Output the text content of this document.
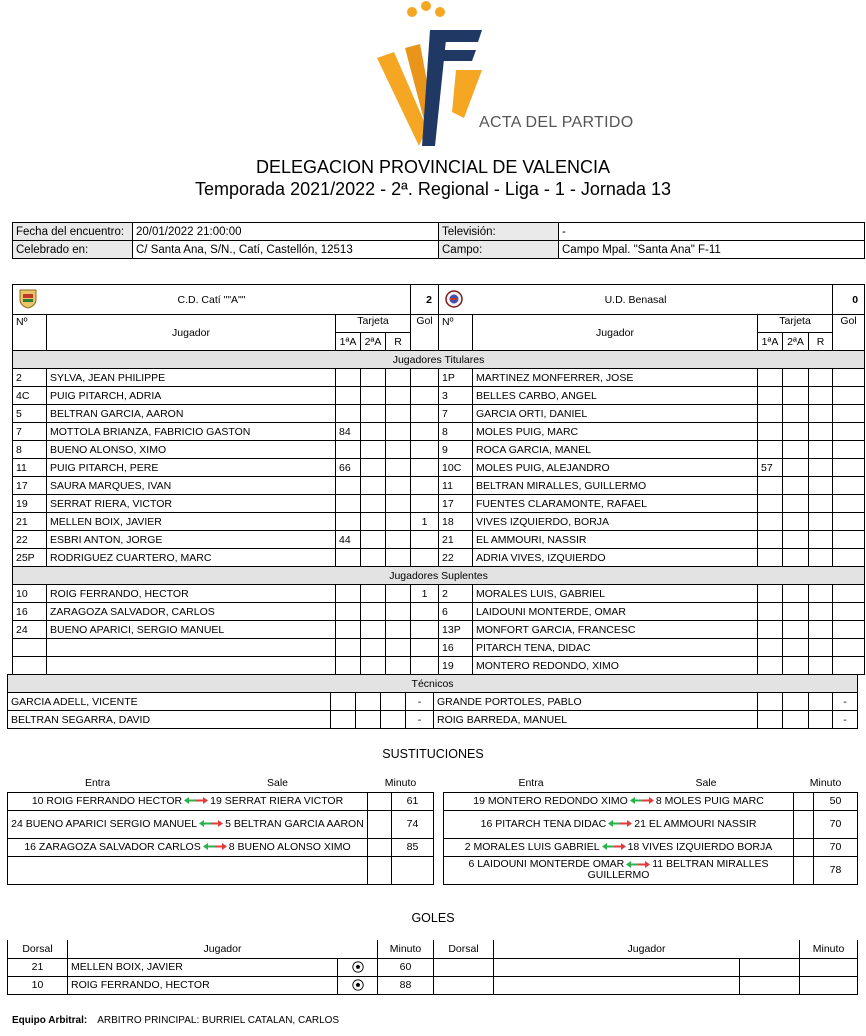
ACTA DEL PARTIDO
DELEGACION PROVINCIAL DE VALENCIA
Temporada 2021/2022 - 2ª. Regional - Liga - 1 - Jornada 13
Fecha del encuentro:	20/01/2022 21:00:00	Televisión:	-
Celebrado en:	C/ Santa Ana, S/N., Catí, Castellón, 12513	Campo:	Campo Mpal. "Santa Ana" F-11
C.D. Catí ""A""					2	U.D. Benasal					0
Nº	Jugador	Tarjeta			Gol	Nº	Jugador	Tarjeta			Gol
		1ªA	2ªA	R				1ªA	2ªA	R	
Jugadores Titulares											
2	SYLVA, JEAN PHILIPPE					1P	MARTINEZ MONFERRER, JOSE				
4C	PUIG PITARCH, ADRIA					3	BELLES CARBO, ANGEL				
5	BELTRAN GARCIA, AARON					7	GARCIA ORTI, DANIEL				
7	MOTTOLA BRIANZA, FABRICIO GASTON	84				8	MOLES PUIG, MARC				
8	BUENO ALONSO, XIMO					9	ROCA GARCIA, MANEL				
11	PUIG PITARCH, PERE	66				10C	MOLES PUIG, ALEJANDRO	57			
17	SAURA MARQUES, IVAN					11	BELTRAN MIRALLES, GUILLERMO				
19	SERRAT RIERA, VICTOR					17	FUENTES CLARAMONTE, RAFAEL				
21	MELLEN BOIX, JAVIER				1	18	VIVES IZQUIERDO, BORJA				
22	ESBRI ANTON, JORGE	44				21	EL AMMOURI, NASSIR				
25P	RODRIGUEZ CUARTERO, MARC					22	ADRIA VIVES, IZQUIERDO				
Jugadores Suplentes											
10	ROIG FERRANDO, HECTOR				1	2	MORALES LUIS, GABRIEL				
16	ZARAGOZA SALVADOR, CARLOS					6	LAIDOUNI MONTERDE, OMAR				
24	BUENO APARICI, SERGIO MANUEL					13P	MONFORT GARCIA, FRANCESC				
						16	PITARCH TENA, DIDAC				
						19	MONTERO REDONDO, XIMO				
Técnicos									
GARCIA ADELL, VICENTE				-	GRANDE PORTOLES, PABLO				-
BELTRAN SEGARRA, DAVID				-	ROIG BARREDA, MANUEL				-
SUSTITUCIONES
Entra	Sale	Minuto			Entra	Sale	Minuto	
10 ROIG FERRANDO HECTOR 19 SERRAT RIERA VICTOR			61		19 MONTERO REDONDO XIMO 8 MOLES PUIG MARC			50
24 BUENO APARICI SERGIO MANUEL 5 BELTRAN GARCIA AARON			74		16 PITARCH TENA DIDAC 21 EL AMMOURI NASSIR			70
16 ZARAGOZA SALVADOR CARLOS 8 BUENO ALONSO XIMO			85		2 MORALES LUIS GABRIEL 18 VIVES IZQUIERDO BORJA			70
					6 LAIDOUNI MONTERDE OMAR 11 BELTRAN MIRALLES GUILLERMO			78
GOLES
Dorsal	Jugador		Minuto	Dorsal	Jugador		Minuto
21	MELLEN BOIX, JAVIER		60				
10	ROIG FERRANDO, HECTOR		88				
Equipo Arbitral: ARBITRO PRINCIPAL: BURRIEL CATALAN, CARLOS
